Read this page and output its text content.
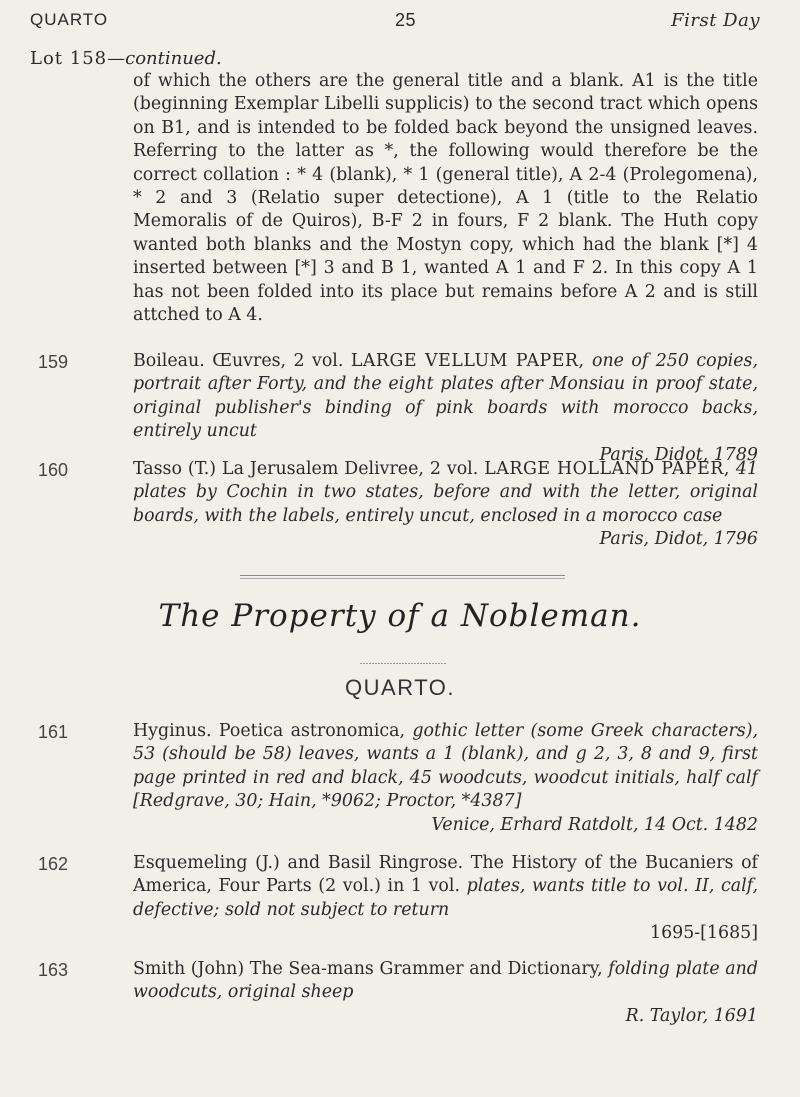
QUARTO	25	First Day
Lot 158—continued.
of which the others are the general title and a blank. A1 is the title (beginning Exemplar Libelli supplicis) to the second tract which opens on B1, and is intended to be folded back beyond the unsigned leaves. Referring to the latter as *, the following would therefore be the correct collation : * 4 (blank), * 1 (general title), A 2-4 (Prolegomena), * 2 and 3 (Relatio super detectione), A 1 (title to the Relatio Memoralis of de Quiros), B-F 2 in fours, F 2 blank. The Huth copy wanted both blanks and the Mostyn copy, which had the blank [*] 4 inserted between [*] 3 and B 1, wanted A 1 and F 2. In this copy A 1 has not been folded into its place but remains before A 2 and is still attched to A 4.
159	Boileau. Œuvres, 2 vol. LARGE VELLUM PAPER, one of 250 copies, portrait after Forty, and the eight plates after Monsiau in proof state, original publisher's binding of pink boards with morocco backs, entirely uncut
Paris, Didot, 1789
160	Tasso (T.) La Jerusalem Delivree, 2 vol. LARGE HOLLAND PAPER, 41 plates by Cochin in two states, before and with the letter, original boards, with the labels, entirely uncut, enclosed in a morocco case
Paris, Didot, 1796
The Property of a Nobleman.
QUARTO.
161	Hyginus. Poetica astronomica, gothic letter (some Greek characters), 53 (should be 58) leaves, wants a 1 (blank), and g 2, 3, 8 and 9, first page printed in red and black, 45 woodcuts, woodcut initials, half calf [Redgrave, 30; Hain, *9062; Proctor, *4387]
Venice, Erhard Ratdolt, 14 Oct. 1482
162	Esquemeling (J.) and Basil Ringrose. The History of the Bucaniers of America, Four Parts (2 vol.) in 1 vol. plates, wants title to vol. II, calf, defective; sold not subject to return
1695-[1685]
163	Smith (John) The Sea-mans Grammer and Dictionary, folding plate and woodcuts, original sheep
R. Taylor, 1691
